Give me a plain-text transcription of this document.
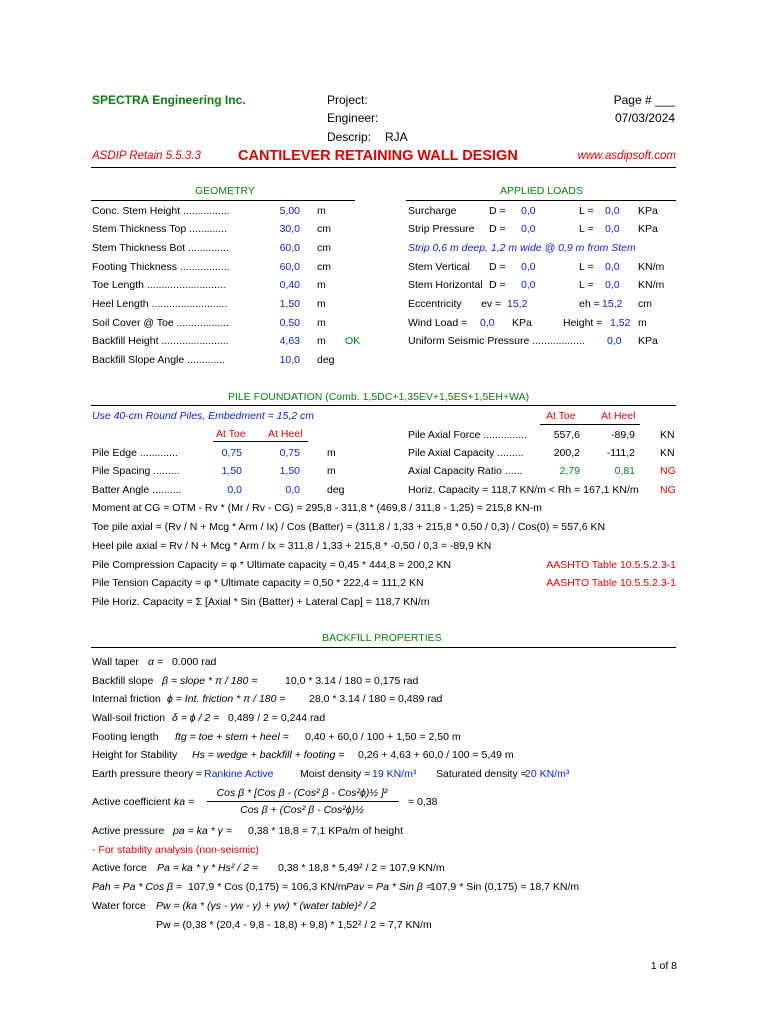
SPECTRA Engineering Inc.	Project:
Engineer:
Descrip: RJA
Page # ___
07/03/2024
ASDIP Retain 5.5.3.3	CANTILEVER RETAINING WALL DESIGN	www.asdipsoft.com
GEOMETRY
Conc. Stem Height ................	5,00 m
Stem Thickness Top .............	30,0 cm
Stem Thickness Bot ..............	60,0 cm
Footing Thickness .................	60,0 cm
Toe Length ...........................	0,40 m
Heel Length ..........................	1,50 m
Soil Cover @ Toe ..................	0,50 m
Backfill Height .......................	4,63 m OK
Backfill Slope Angle .............	10,0 deg
APPLIED LOADS
Surcharge	D = 0,0	L = 0,0 KPa
Strip Pressure D = 0,0	L = 0,0 KPa
Strip 0,6 m deep, 1,2 m wide @ 0,9 m from Stem
Stem Vertical D = 0,0	L = 0,0 KN/m
Stem Horizontal D = 0,0	L = 0,0 KN/m
Eccentricity ev = 15,2	eh = 15,2 cm
Wind Load = 0,0 KPa	Height = 1,52 m
Uniform Seismic Pressure .................. 0,0 KPa
PILE FOUNDATION (Comb. 1,5DC+1,35EV+1,5ES+1,5EH+WA)
Use 40-cm Round Piles, Embedment = 15,2 cm	At Toe At Heel
At Toe At Heel
Pile Edge .............	0,75	0,75	m
Pile Spacing .........	1,50	1,50	m
Batter Angle ..........	0,0	0,0	deg
Pile Axial Force ...............	557,6	-89,9 KN
Pile Axial Capacity .........	200,2	-111,2 KN
Axial Capacity Ratio ......	2,79	0,81 NG
Horiz. Capacity = 118,7 KN/m < Rh = 167,1 KN/m NG
Moment at CG = OTM - Rv * (Mr / Rv - CG) = 295,8 - 311,8 * (469,8 / 311,8 - 1,25) = 215,8 KN-m
Toe pile axial = (Rv / N + Mcg * Arm / Ix) / Cos (Batter) = (311,8 / 1,33 + 215,8 * 0,50 / 0,3) / Cos(0) = 557,6 KN
Heel pile axial = Rv / N + Mcg * Arm / Ix = 311,8 / 1,33 + 215,8 * -0,50 / 0,3 = -89,9 KN
Pile Compression Capacity = φ * Ultimate capacity = 0,45 * 444,8 = 200,2 KN	AASHTO Table 10.5.5.2.3-1
Pile Tension Capacity = φ * Ultimate capacity = 0,50 * 222,4 = 111,2 KN	AASHTO Table 10.5.5.2.3-1
Pile Horiz. Capacity = Σ [Axial * Sin (Batter) + Lateral Cap] = 118,7 KN/m
BACKFILL PROPERTIES
Wall taper α = 0.000 rad
Backfill slope β = slope * π / 180 =	10,0 * 3.14 / 180 = 0,175 rad
Internal friction ϕ = Int. friction * π / 180 = 28,0 * 3.14 / 180 = 0,489 rad
Wall-soil friction δ = ϕ / 2 = 0,489 / 2 = 0,244 rad
Footing length ftg = toe + stem + heel = 0,40 + 60,0 / 100 + 1,50 = 2,50 m
Height for Stability Hs = wedge + backfill + footing = 0,26 + 4,63 + 60,0 / 100 = 5,49 m
Earth pressure theory = Rankine Active	Moist density = 19 KN/m³ Saturated density =
20 KN/m³
Active coefficient ka =
Cos β * [Cos β - (Cos² β - Cos²ϕ)½ ]²
Cos β + (Cos² β - Cos²ϕ)½
= 0,38
Active pressure pa = ka * γ = 0,38 * 18,8 = 7,1 KPa/m of height
- For stability analysis (non-seismic)
Active force Pa = ka * γ * Hs² / 2 = 0,38 * 18,8 * 5,49² / 2 = 107,9 KN/m
Pah = Pa * Cos β = 107,9 * Cos (0,175) = 106,3 KN/m Pav = Pa * Sin β =
107,9 * Sin (0,175) = 18,7 KN/m
Water force Pw = (ka * (γs - γw - γ) + γw) * (water table)² / 2
Pw = (0,38 * (20,4 - 9,8 - 18,8) + 9,8) * 1,52² / 2 = 7,7 KN/m
1 of 8
